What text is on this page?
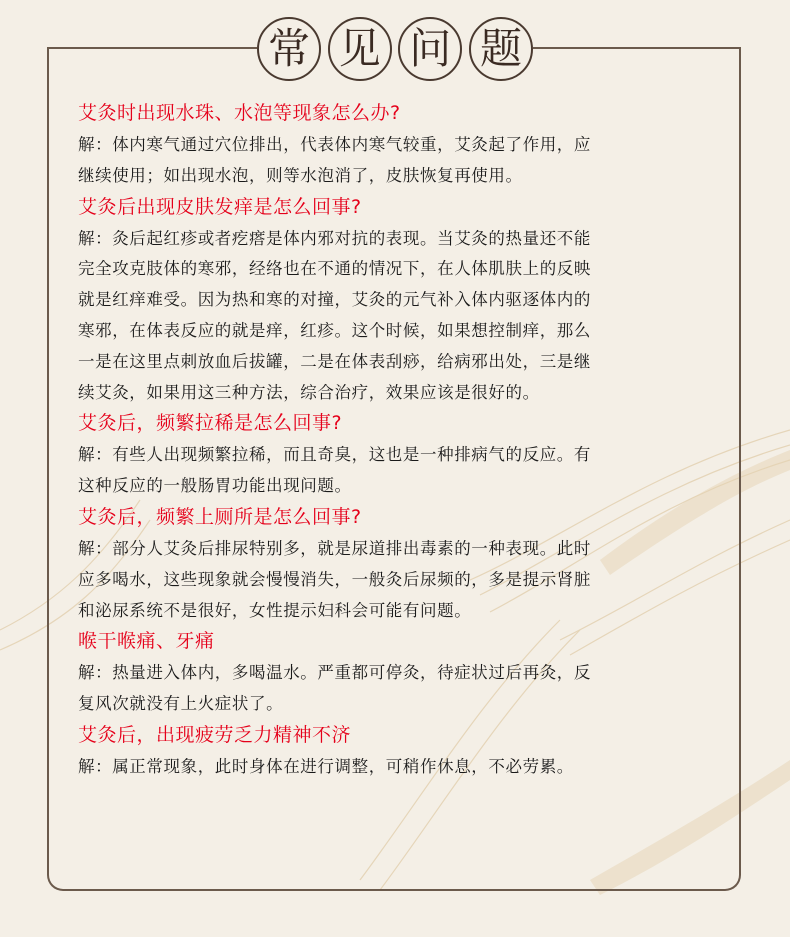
常 见 问 题
艾灸时出现水珠、水泡等现象怎么办?

解：体内寒气通过穴位排出，代表体内寒气较重，艾灸起了作用，应

继续使用；如出现水泡，则等水泡消了，皮肤恢复再使用。

艾灸后出现皮肤发痒是怎么回事?

解：灸后起红疹或者疙瘩是体内邪对抗的表现。当艾灸的热量还不能

完全攻克肢体的寒邪，经络也在不通的情况下，在人体肌肤上的反映

就是红痒难受。因为热和寒的对撞，艾灸的元气补入体内驱逐体内的

寒邪，在体表反应的就是痒，红疹。这个时候，如果想控制痒，那么

一是在这里点刺放血后拔罐，二是在体表刮痧，给病邪出处，三是继

续艾灸，如果用这三种方法，综合治疗，效果应该是很好的。

艾灸后，频繁拉稀是怎么回事?

解：有些人出现频繁拉稀，而且奇臭，这也是一种排病气的反应。有

这种反应的一般肠胃功能出现问题。

艾灸后，频繁上厕所是怎么回事?

解：部分人艾灸后排尿特别多，就是尿道排出毒素的一种表现。此时

应多喝水，这些现象就会慢慢消失，一般灸后尿频的，多是提示肾脏

和泌尿系统不是很好，女性提示妇科会可能有问题。

喉干喉痛、牙痛

解：热量进入体内，多喝温水。严重都可停灸，待症状过后再灸，反

复风次就没有上火症状了。

艾灸后，出现疲劳乏力精神不济

解：属正常现象，此时身体在进行调整，可稍作休息，不必劳累。
